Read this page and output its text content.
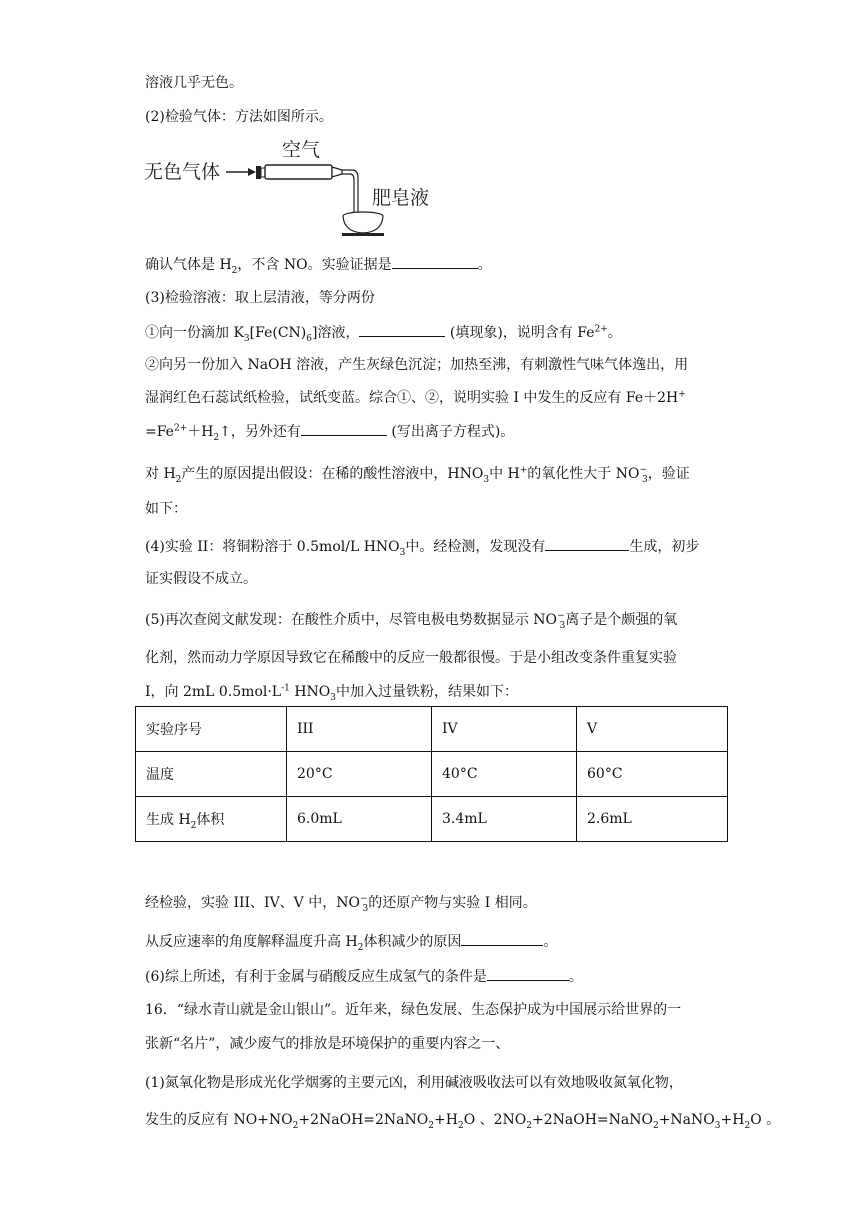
溶液几乎无色。
(2)检验气体：方法如图所示。
无色气体
空气
肥皂液
确认气体是 $H_2$，不含 NO。实验证据是	。
(3)检验溶液：取上层清液，等分两份
①向一份滴加 $K_3[Fe(CN)_6]$溶液，	(填现象)，说明含有 $Fe^{2+}$。
②向另一份加入 NaOH 溶液，产生灰绿色沉淀；加热至沸，有刺激性气味气体逸出，用
湿润红色石蕊试纸检验，试纸变蓝。综合①、②，说明实验 I 中发生的反应有 Fe＋2H+
$=Fe^{2+}+H_2↑$，另外还有	(写出离子方程式)。
对 $H_2$产生的原因提出假设：在稀的酸性溶液中，$HNO_3$中 H+的氧化性大于 $NO^-_3$，验证
如下：
(4)实验 II：将铜粉溶于 0.5mol/L $HNO_3$中。经检测，发现没有	生成，初步
证实假设不成立。
(5)再次查阅文献发现：在酸性介质中，尽管电极电势数据显示 $NO^-_3$离子是个颇强的氧
化剂，然而动力学原因导致它在稀酸中的反应一般都很慢。于是小组改变条件重复实验
I，向 2mL $0.5mol\cdot L^{-1}$ $HNO_3$中加入过量铁粉，结果如下：
实验序号	III	IV	V
温度	20°C	40°C	60°C
生成 $H_2$体积	6.0mL	3.4mL	2.6mL
经检验，实验 III、IV、V 中，$NO^-_3$的还原产物与实验 I 相同。
从反应速率的角度解释温度升高 $H_2$体积减少的原因	。
(6)综上所述，有利于金属与硝酸反应生成氢气的条件是	。
16．“绿水青山就是金山银山”。近年来，绿色发展、生态保护成为中国展示给世界的一
张新“名片”，减少废气的排放是环境保护的重要内容之一、
(1)氮氧化物是形成光化学烟雾的主要元凶，利用碱液吸收法可以有效地吸收氮氧化物，
发生的反应有 $NO+NO_2+2NaOH=2NaNO_2+H_2O$ 、$2NO_2+2NaOH=NaNO_2+NaNO_3+H_2O$ 。
